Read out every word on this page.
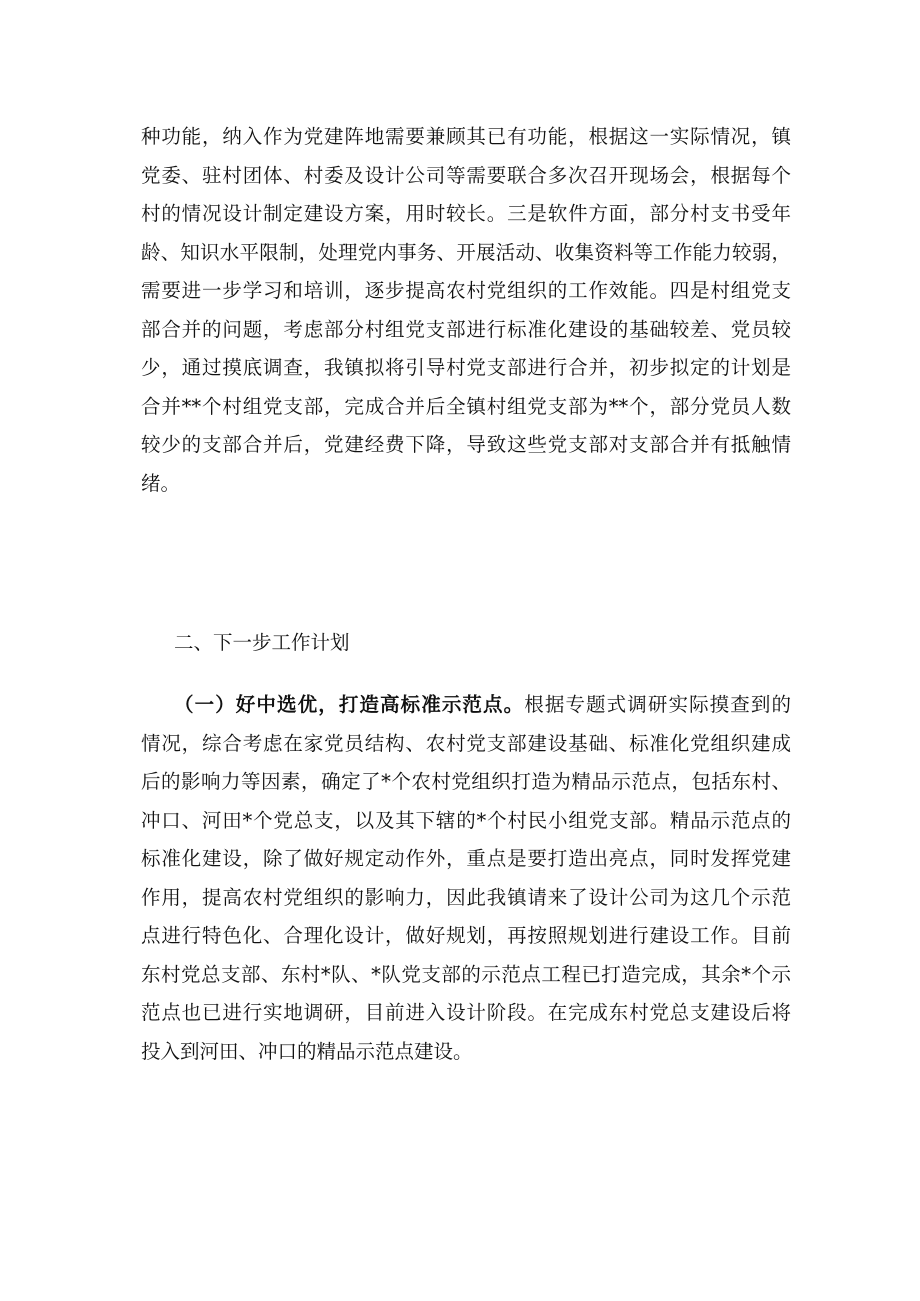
种功能，纳入作为党建阵地需要兼顾其已有功能，根据这一实际情况，镇
党委、驻村团体、村委及设计公司等需要联合多次召开现场会，根据每个
村的情况设计制定建设方案，用时较长。三是软件方面，部分村支书受年
龄、知识水平限制，处理党内事务、开展活动、收集资料等工作能力较弱，
需要进一步学习和培训，逐步提高农村党组织的工作效能。四是村组党支
部合并的问题，考虑部分村组党支部进行标准化建设的基础较差、党员较
少，通过摸底调查，我镇拟将引导村党支部进行合并，初步拟定的计划是
合并**个村组党支部，完成合并后全镇村组党支部为**个，部分党员人数
较少的支部合并后，党建经费下降，导致这些党支部对支部合并有抵触情
绪。
二、下一步工作计划
（一）好中选优，打造高标准示范点。根据专题式调研实际摸查到的
情况，综合考虑在家党员结构、农村党支部建设基础、标准化党组织建成
后的影响力等因素，确定了*个农村党组织打造为精品示范点，包括东村、
冲口、河田*个党总支，以及其下辖的*个村民小组党支部。精品示范点的
标准化建设，除了做好规定动作外，重点是要打造出亮点，同时发挥党建
作用，提高农村党组织的影响力，因此我镇请来了设计公司为这几个示范
点进行特色化、合理化设计，做好规划，再按照规划进行建设工作。目前
东村党总支部、东村*队、*队党支部的示范点工程已打造完成，其余*个示
范点也已进行实地调研，目前进入设计阶段。在完成东村党总支建设后将
投入到河田、冲口的精品示范点建设。
